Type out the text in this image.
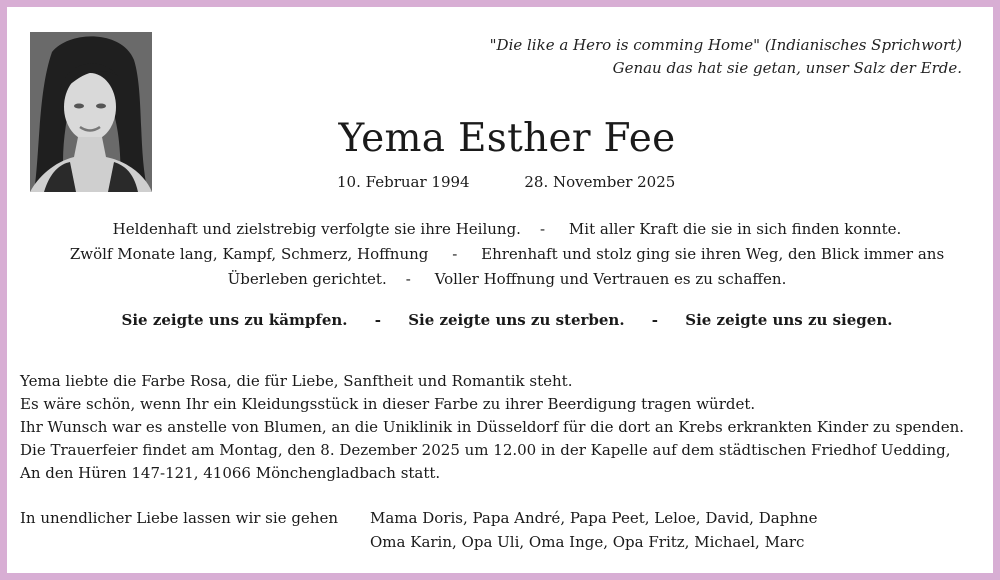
"Die like a Hero is comming Home" (Indianisches Sprichwort)
Genau das hat sie getan, unser Salz der Erde.
Yema Esther Fee
10. Februar 1994	28. November 2025
Heldenhaft und zielstrebig verfolgte sie ihre Heilung.    -     Mit aller Kraft die sie in sich finden konnte.
Zwölf Monate lang, Kampf, Schmerz, Hoffnung     -     Ehrenhaft und stolz ging sie ihren Weg, den Blick immer ans
Überleben gerichtet.    -     Voller Hoffnung und Vertrauen es zu schaffen.
Sie zeigte uns zu kämpfen. - Sie zeigte uns zu sterben. - Sie zeigte uns zu siegen.
Yema liebte die Farbe Rosa, die für Liebe, Sanftheit und Romantik steht.
Es wäre schön, wenn Ihr ein Kleidungsstück in dieser Farbe zu ihrer Beerdigung tragen würdet.
Ihr Wunsch war es anstelle von Blumen, an die Uniklinik in Düsseldorf für die dort an Krebs erkrankten Kinder zu spenden.
Die Trauerfeier findet am Montag, den 8. Dezember 2025 um 12.00 in der Kapelle auf dem städtischen Friedhof Uedding,
An den Hüren 147-121, 41066 Mönchengladbach statt.
In unendlicher Liebe lassen wir sie gehen Mama Doris, Papa André, Papa Peet, Leloe, David, Daphne
Oma Karin, Opa Uli, Oma Inge, Opa Fritz, Michael, Marc
